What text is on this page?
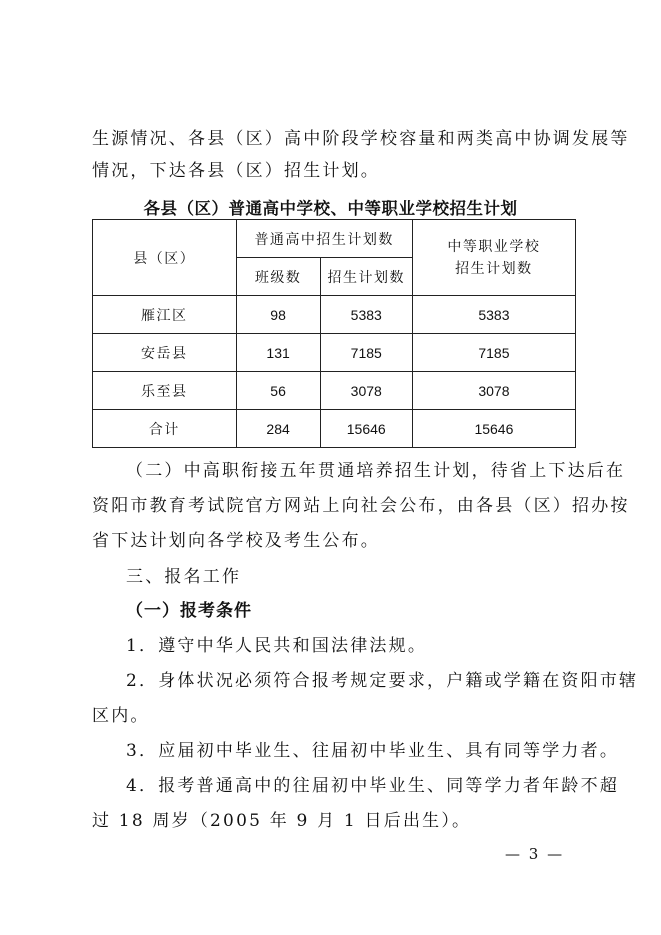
生源情况、各县（区）高中阶段学校容量和两类高中协调发展等
情况，下达各县（区）招生计划。
各县（区）普通高中学校、中等职业学校招生计划
县（区）	普通高中招生计划数		中等职业学校
招生计划数

	班级数	招生计划数	
雁江区	98	5383	5383
安岳县	131	7185	7185
乐至县	56	3078	3078
合计	284	15646	15646
（二）中高职衔接五年贯通培养招生计划，待省上下达后在
资阳市教育考试院官方网站上向社会公布，由各县（区）招办按
省下达计划向各学校及考生公布。
三、报名工作
（一）报考条件
1．遵守中华人民共和国法律法规。
2．身体状况必须符合报考规定要求，户籍或学籍在资阳市辖
区内。
3．应届初中毕业生、往届初中毕业生、具有同等学力者。
4．报考普通高中的往届初中毕业生、同等学力者年龄不超
过 18 周岁（2005 年 9 月 1 日后出生）。
— 3 —
